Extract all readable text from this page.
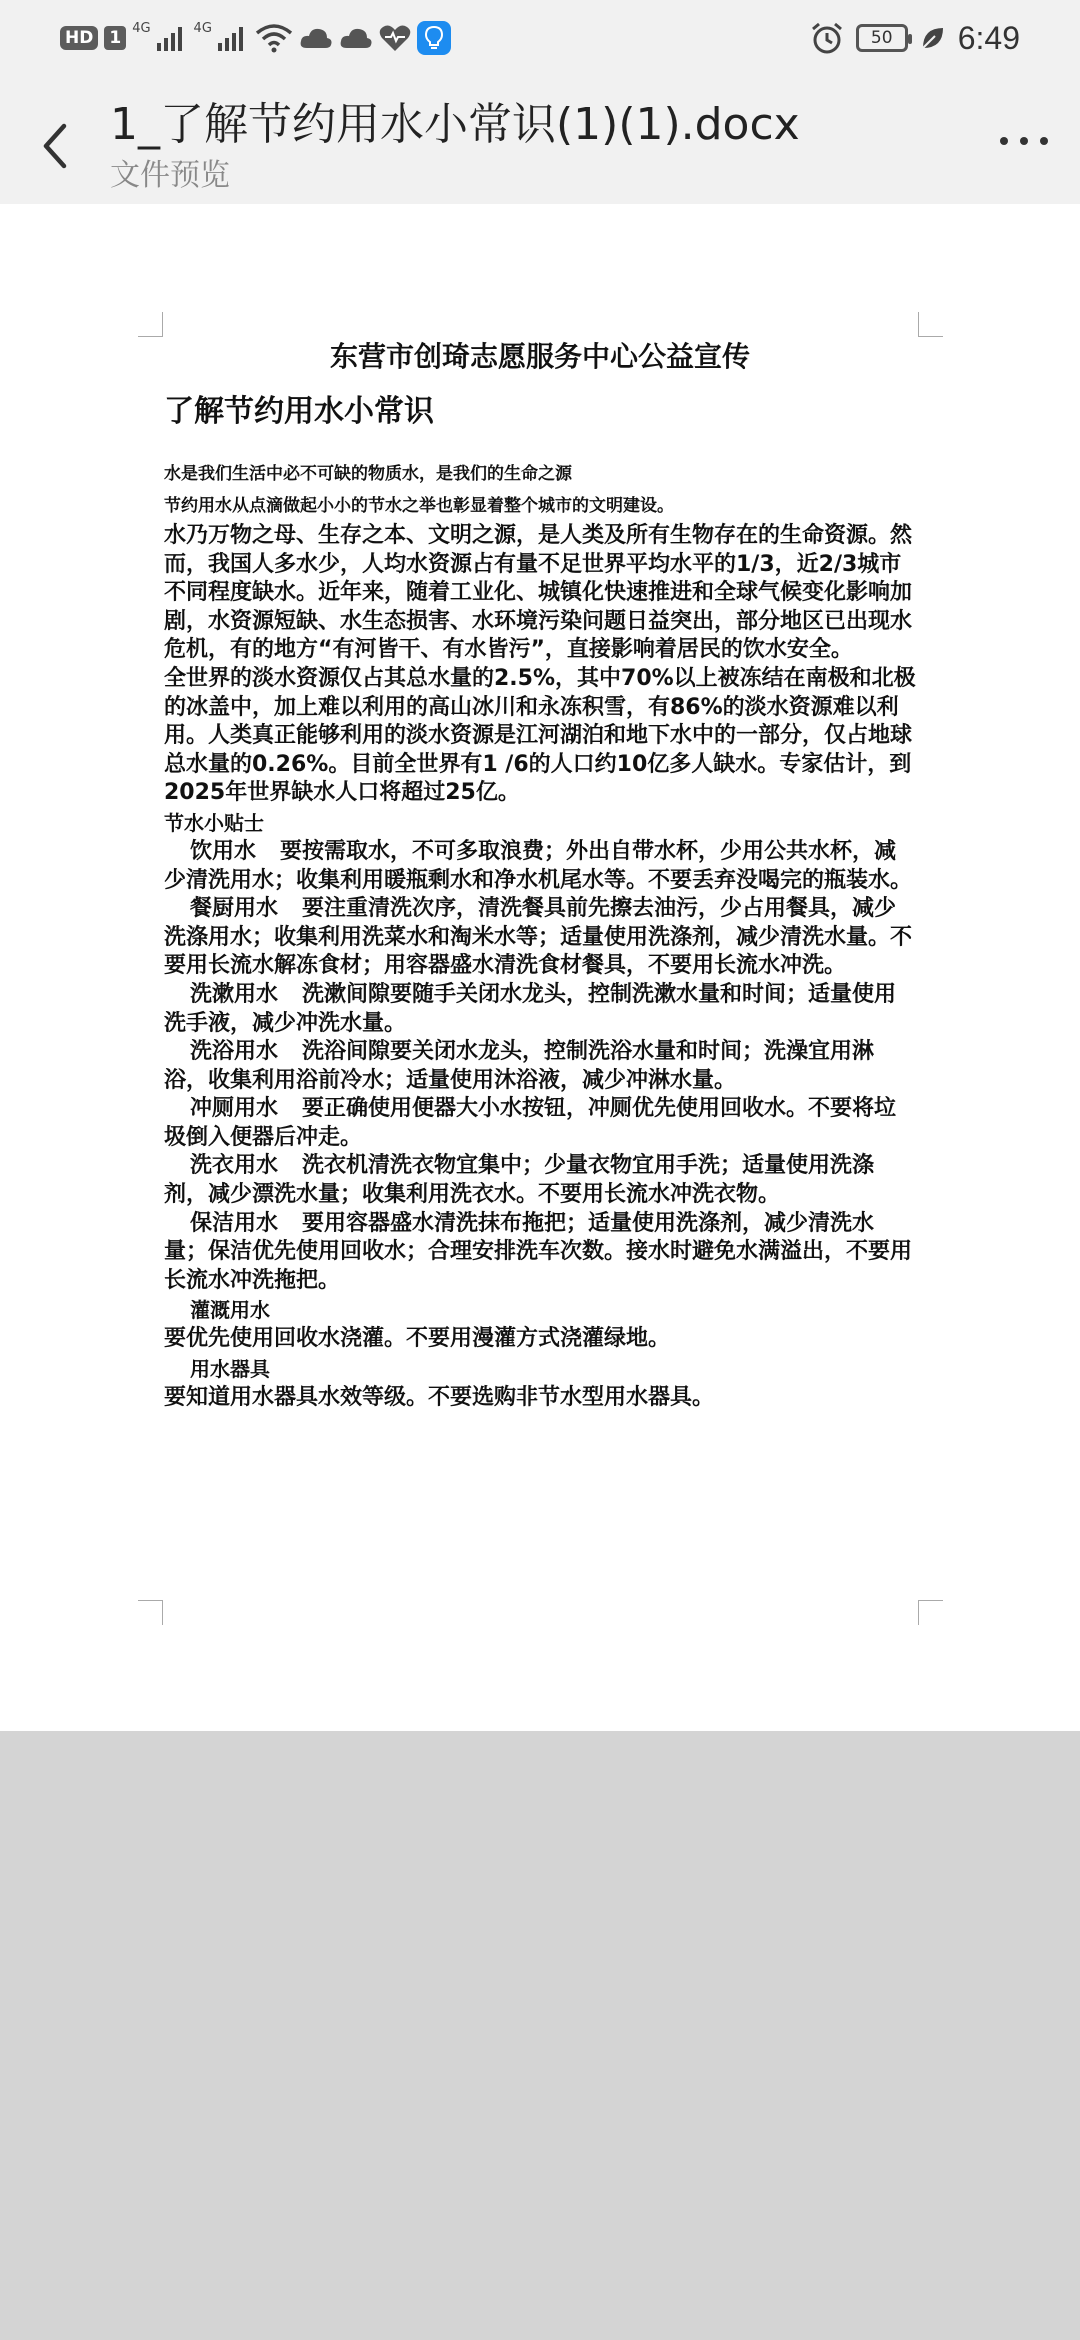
HD 1 4G	4G	50	6:49
1_了解节约用水小常识(1)(1).docx
文件预览

东营市创琦志愿服务中心公益宣传

了解节约用水小常识

水是我们生活中必不可缺的物质水，是我们的生命之源

节约用水从点滴做起小小的节水之举也彰显着整个城市的文明建设。

水乃万物之母、生存之本、文明之源，是人类及所有生物存在的生命资源。然而，我国人多水少，人均水资源占有量不足世界平均水平的1/3，近2/3城市不同程度缺水。近年来，随着工业化、城镇化快速推进和全球气候变化影响加剧，水资源短缺、水生态损害、水环境污染问题日益突出，部分地区已出现水危机，有的地方“有河皆干、有水皆污”，直接影响着居民的饮水安全。

全世界的淡水资源仅占其总水量的2.5%，其中70%以上被冻结在南极和北极的冰盖中，加上难以利用的高山冰川和永冻积雪，有86%的淡水资源难以利用。人类真正能够利用的淡水资源是江河湖泊和地下水中的一部分，仅占地球总水量的0.26%。目前全世界有1 /6的人口约10亿多人缺水。专家估计，到2025年世界缺水人口将超过25亿。

节水小贴士

饮用水 要按需取水，不可多取浪费；外出自带水杯，少用公共水杯，减少清洗用水；收集利用暖瓶剩水和净水机尾水等。不要丢弃没喝完的瓶装水。

餐厨用水 要注重清洗次序，清洗餐具前先擦去油污，少占用餐具，减少洗涤用水；收集利用洗菜水和淘米水等；适量使用洗涤剂，减少清洗水量。不要用长流水解冻食材；用容器盛水清洗食材餐具，不要用长流水冲洗。

洗漱用水 洗漱间隙要随手关闭水龙头，控制洗漱水量和时间；适量使用洗手液，减少冲洗水量。

洗浴用水 洗浴间隙要关闭水龙头，控制洗浴水量和时间；洗澡宜用淋浴，收集利用浴前冷水；适量使用沐浴液，减少冲淋水量。

冲厕用水 要正确使用便器大小水按钮，冲厕优先使用回收水。不要将垃圾倒入便器后冲走。

洗衣用水 洗衣机清洗衣物宜集中；少量衣物宜用手洗；适量使用洗涤剂，减少漂洗水量；收集利用洗衣水。不要用长流水冲洗衣物。

保洁用水 要用容器盛水清洗抹布拖把；适量使用洗涤剂，减少清洗水量；保洁优先使用回收水；合理安排洗车次数。接水时避免水满溢出，不要用长流水冲洗拖把。

灌溉用水

要优先使用回收水浇灌。不要用漫灌方式浇灌绿地。

用水器具

要知道用水器具水效等级。不要选购非节水型用水器具。
